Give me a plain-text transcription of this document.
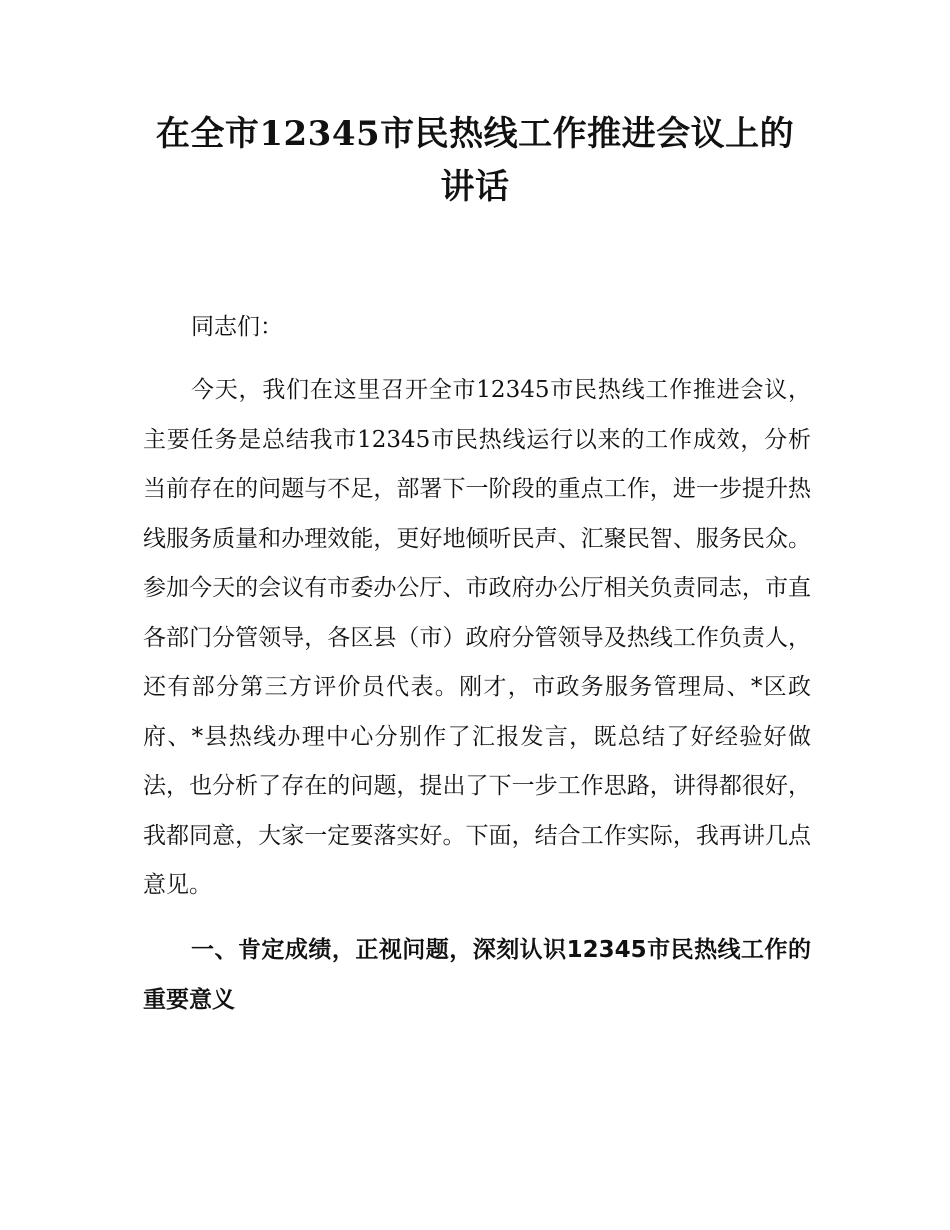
在全市12345市民热线工作推进会议上的讲话

同志们：

今天，我们在这里召开全市12345市民热线工作推进会议，主要任务是总结我市12345市民热线运行以来的工作成效，分析当前存在的问题与不足，部署下一阶段的重点工作，进一步提升热线服务质量和办理效能，更好地倾听民声、汇聚民智、服务民众。参加今天的会议有市委办公厅、市政府办公厅相关负责同志，市直各部门分管领导，各区县（市）政府分管领导及热线工作负责人，还有部分第三方评价员代表。刚才，市政务服务管理局、*区政府、*县热线办理中心分别作了汇报发言，既总结了好经验好做法，也分析了存在的问题，提出了下一步工作思路，讲得都很好，我都同意，大家一定要落实好。下面，结合工作实际，我再讲几点意见。

一、肯定成绩，正视问题，深刻认识12345市民热线工作的重要意义
